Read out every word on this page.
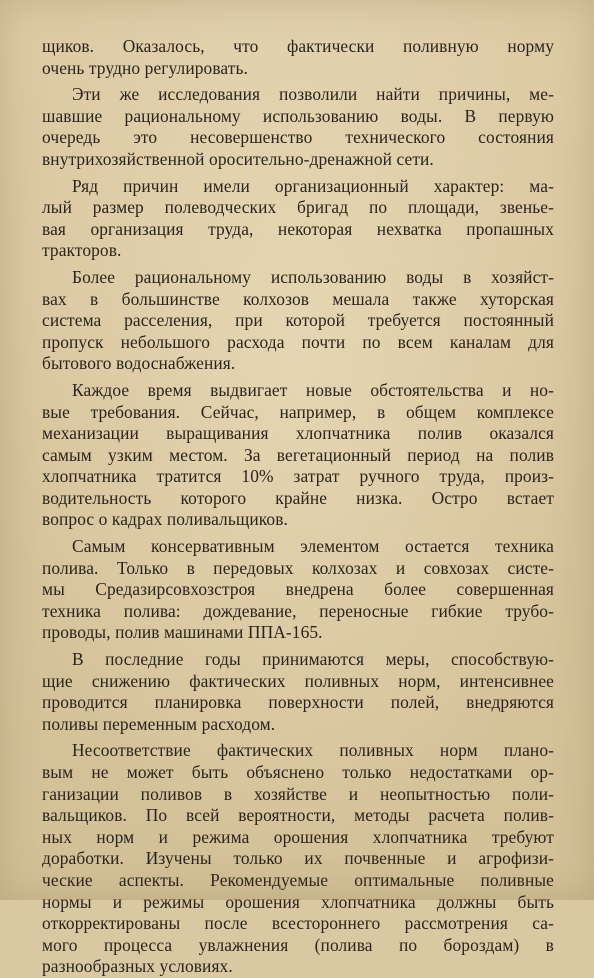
щиков. Оказалось, что фактически поливную норму
очень трудно регулировать.

Эти же исследования позволили найти причины, ме-
шавшие рациональному использованию воды. В первую
очередь это несовершенство технического состояния
внутрихозяйственной оросительно-дренажной сети.

Ряд причин имели организационный характер: ма-
лый размер полеводческих бригад по площади, звенье-
вая организация труда, некоторая нехватка пропашных
тракторов.

Более рациональному использованию воды в хозяйст-
вах в большинстве колхозов мешала также хуторская
система расселения, при которой требуется постоянный
пропуск небольшого расхода почти по всем каналам для
бытового водоснабжения.

Каждое время выдвигает новые обстоятельства и но-
вые требования. Сейчас, например, в общем комплексе
механизации выращивания хлопчатника полив оказался
самым узким местом. За вегетационный период на полив
хлопчатника тратится 10% затрат ручного труда, произ-
водительность которого крайне низка. Остро встает
вопрос о кадрах поливальщиков.

Самым консервативным элементом остается техника
полива. Только в передовых колхозах и совхозах систе-
мы Средазирсовхозстроя внедрена более совершенная
техника полива: дождевание, переносные гибкие трубо-
проводы, полив машинами ППА-165.

В последние годы принимаются меры, способствую-
щие снижению фактических поливных норм, интенсивнее
проводится планировка поверхности полей, внедряются
поливы переменным расходом.

Несоответствие фактических поливных норм плано-
вым не может быть объяснено только недостатками ор-
ганизации поливов в хозяйстве и неопытностью поли-
вальщиков. По всей вероятности, методы расчета полив-
ных норм и режима орошения хлопчатника требуют
доработки. Изучены только их почвенные и агрофизи-
ческие аспекты. Рекомендуемые оптимальные поливные
нормы и режимы орошения хлопчатника должны быть
откорректированы после всестороннего рассмотрения са-
мого процесса увлажнения (полива по бороздам) в
разнообразных условиях.
